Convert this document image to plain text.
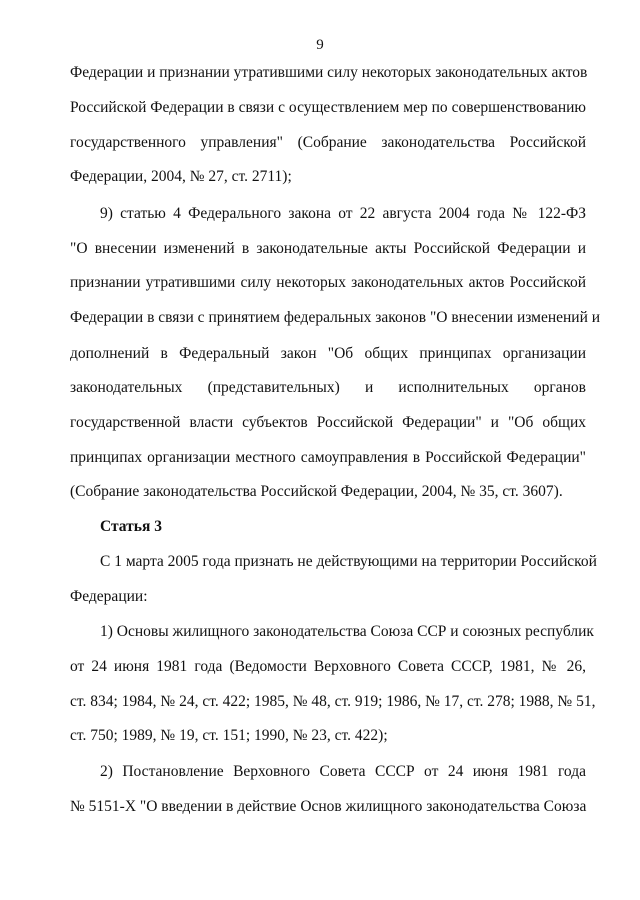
9
Федерации и признании утратившими силу некоторых законодательных актов
Российской Федерации в связи с осуществлением мер по совершенствованию
государственного управления" (Собрание законодательства Российской
Федерации, 2004, № 27, ст. 2711);
9) статью 4 Федерального закона от 22 августа 2004 года № 122-ФЗ
"О внесении изменений в законодательные акты Российской Федерации и
признании утратившими силу некоторых законодательных актов Российской
Федерации в связи с принятием федеральных законов "О внесении изменений и
дополнений в Федеральный закон "Об общих принципах организации
законодательных (представительных) и исполнительных органов
государственной власти субъектов Российской Федерации" и "Об общих
принципах организации местного самоуправления в Российской Федерации"
(Собрание законодательства Российской Федерации, 2004, № 35, ст. 3607).
Статья 3
С 1 марта 2005 года признать не действующими на территории Российской
Федерации:
1) Основы жилищного законодательства Союза ССР и союзных республик
от 24 июня 1981 года (Ведомости Верховного Совета СССР, 1981, № 26,
ст. 834; 1984, № 24, ст. 422; 1985, № 48, ст. 919; 1986, № 17, ст. 278; 1988, № 51,
ст. 750; 1989, № 19, ст. 151; 1990, № 23, ст. 422);
2) Постановление Верховного Совета СССР от 24 июня 1981 года
№ 5151-Х "О введении в действие Основ жилищного законодательства Союза
